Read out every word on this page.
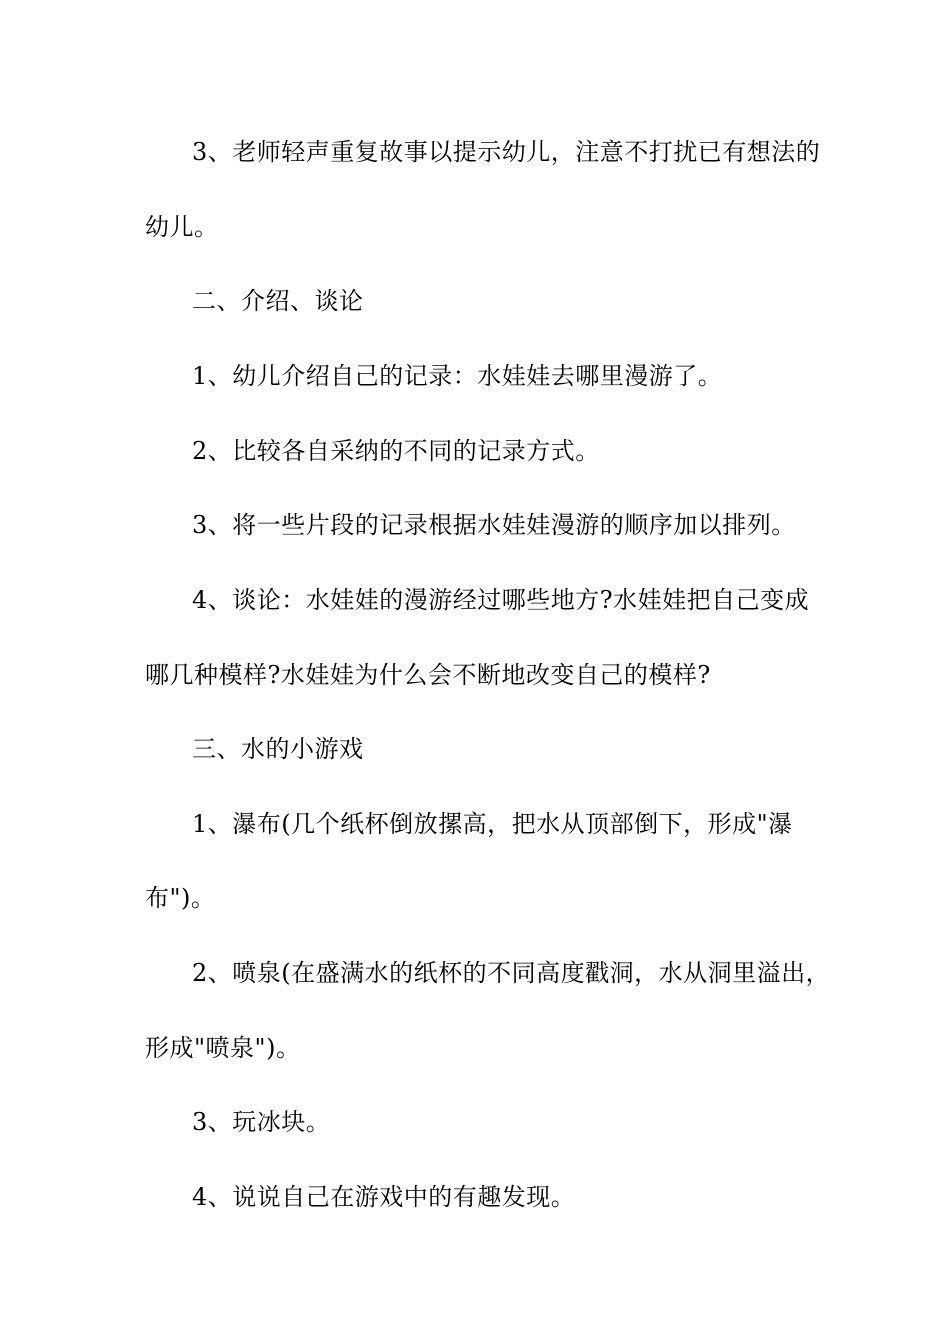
3、老师轻声重复故事以提示幼儿，注意不打扰已有想法的
幼儿。
二、介绍、谈论
1、幼儿介绍自己的记录：水娃娃去哪里漫游了。
2、比较各自采纳的不同的记录方式。
3、将一些片段的记录根据水娃娃漫游的顺序加以排列。
4、谈论：水娃娃的漫游经过哪些地方?水娃娃把自己变成
哪几种模样?水娃娃为什么会不断地改变自己的模样?
三、水的小游戏
1、瀑布(几个纸杯倒放摞高，把水从顶部倒下，形成"瀑
布")。
2、喷泉(在盛满水的纸杯的不同高度戳洞，水从洞里溢出，
形成"喷泉")。
3、玩冰块。
4、说说自己在游戏中的有趣发现。
